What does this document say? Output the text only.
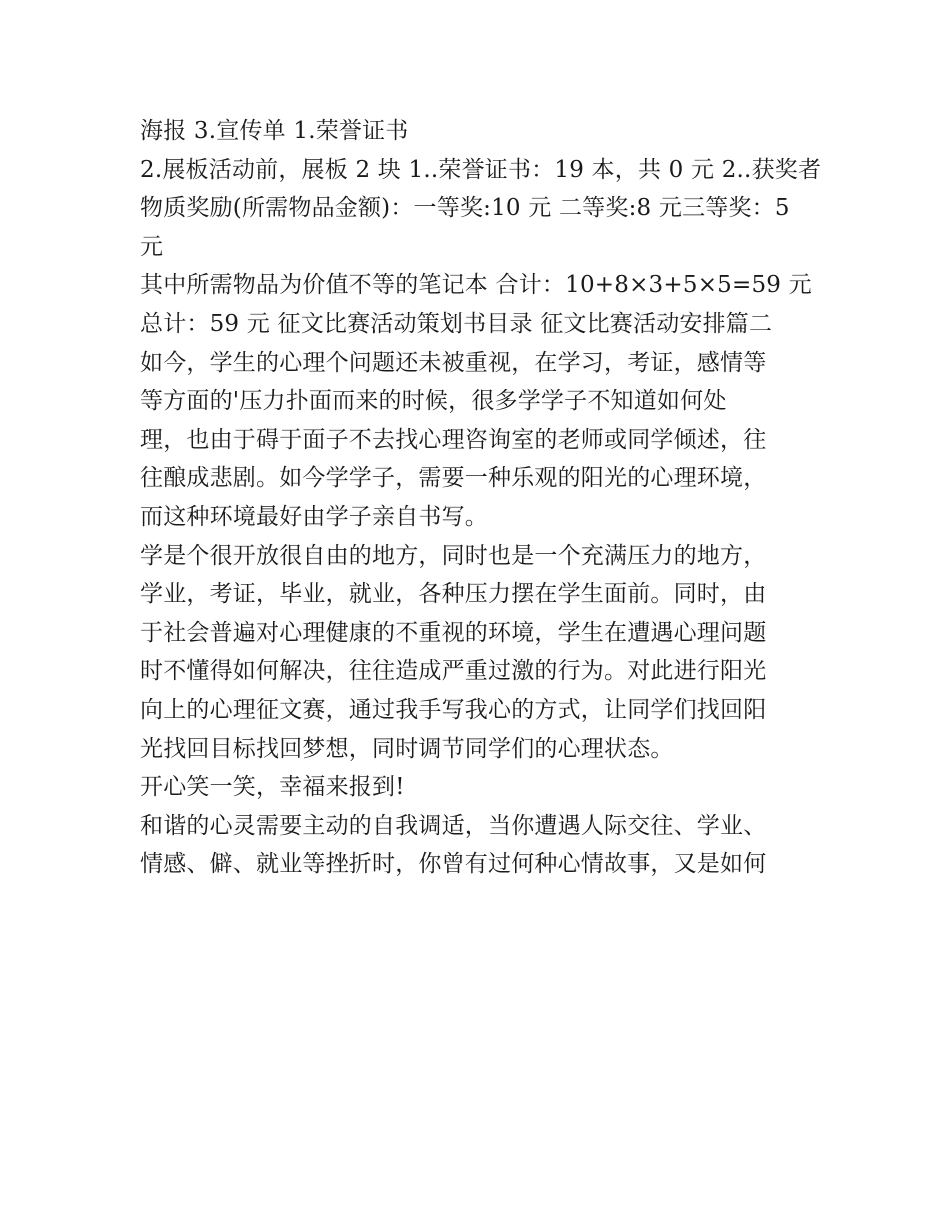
海报 3.宣传单 1.荣誉证书
2.展板活动前，展板 2 块 1..荣誉证书：19 本，共 0 元 2..获奖者
物质奖励(所需物品金额)：一等奖:10 元 二等奖:8 元三等奖：5
元
其中所需物品为价值不等的笔记本 合计：10+8×3+5×5=59 元
总计：59 元 征文比赛活动策划书目录 征文比赛活动安排篇二
如今，学生的心理个问题还未被重视，在学习，考证，感情等
等方面的'压力扑面而来的时候，很多学学子不知道如何处
理，也由于碍于面子不去找心理咨询室的老师或同学倾述，往
往酿成悲剧。如今学学子，需要一种乐观的阳光的心理环境，
而这种环境最好由学子亲自书写。
学是个很开放很自由的地方，同时也是一个充满压力的地方，
学业，考证，毕业，就业，各种压力摆在学生面前。同时，由
于社会普遍对心理健康的不重视的环境，学生在遭遇心理问题
时不懂得如何解决，往往造成严重过激的行为。对此进行阳光
向上的心理征文赛，通过我手写我心的方式，让同学们找回阳
光找回目标找回梦想，同时调节同学们的心理状态。
开心笑一笑，幸福来报到!
和谐的心灵需要主动的自我调适，当你遭遇人际交往、学业、
情感、僻、就业等挫折时，你曾有过何种心情故事，又是如何
